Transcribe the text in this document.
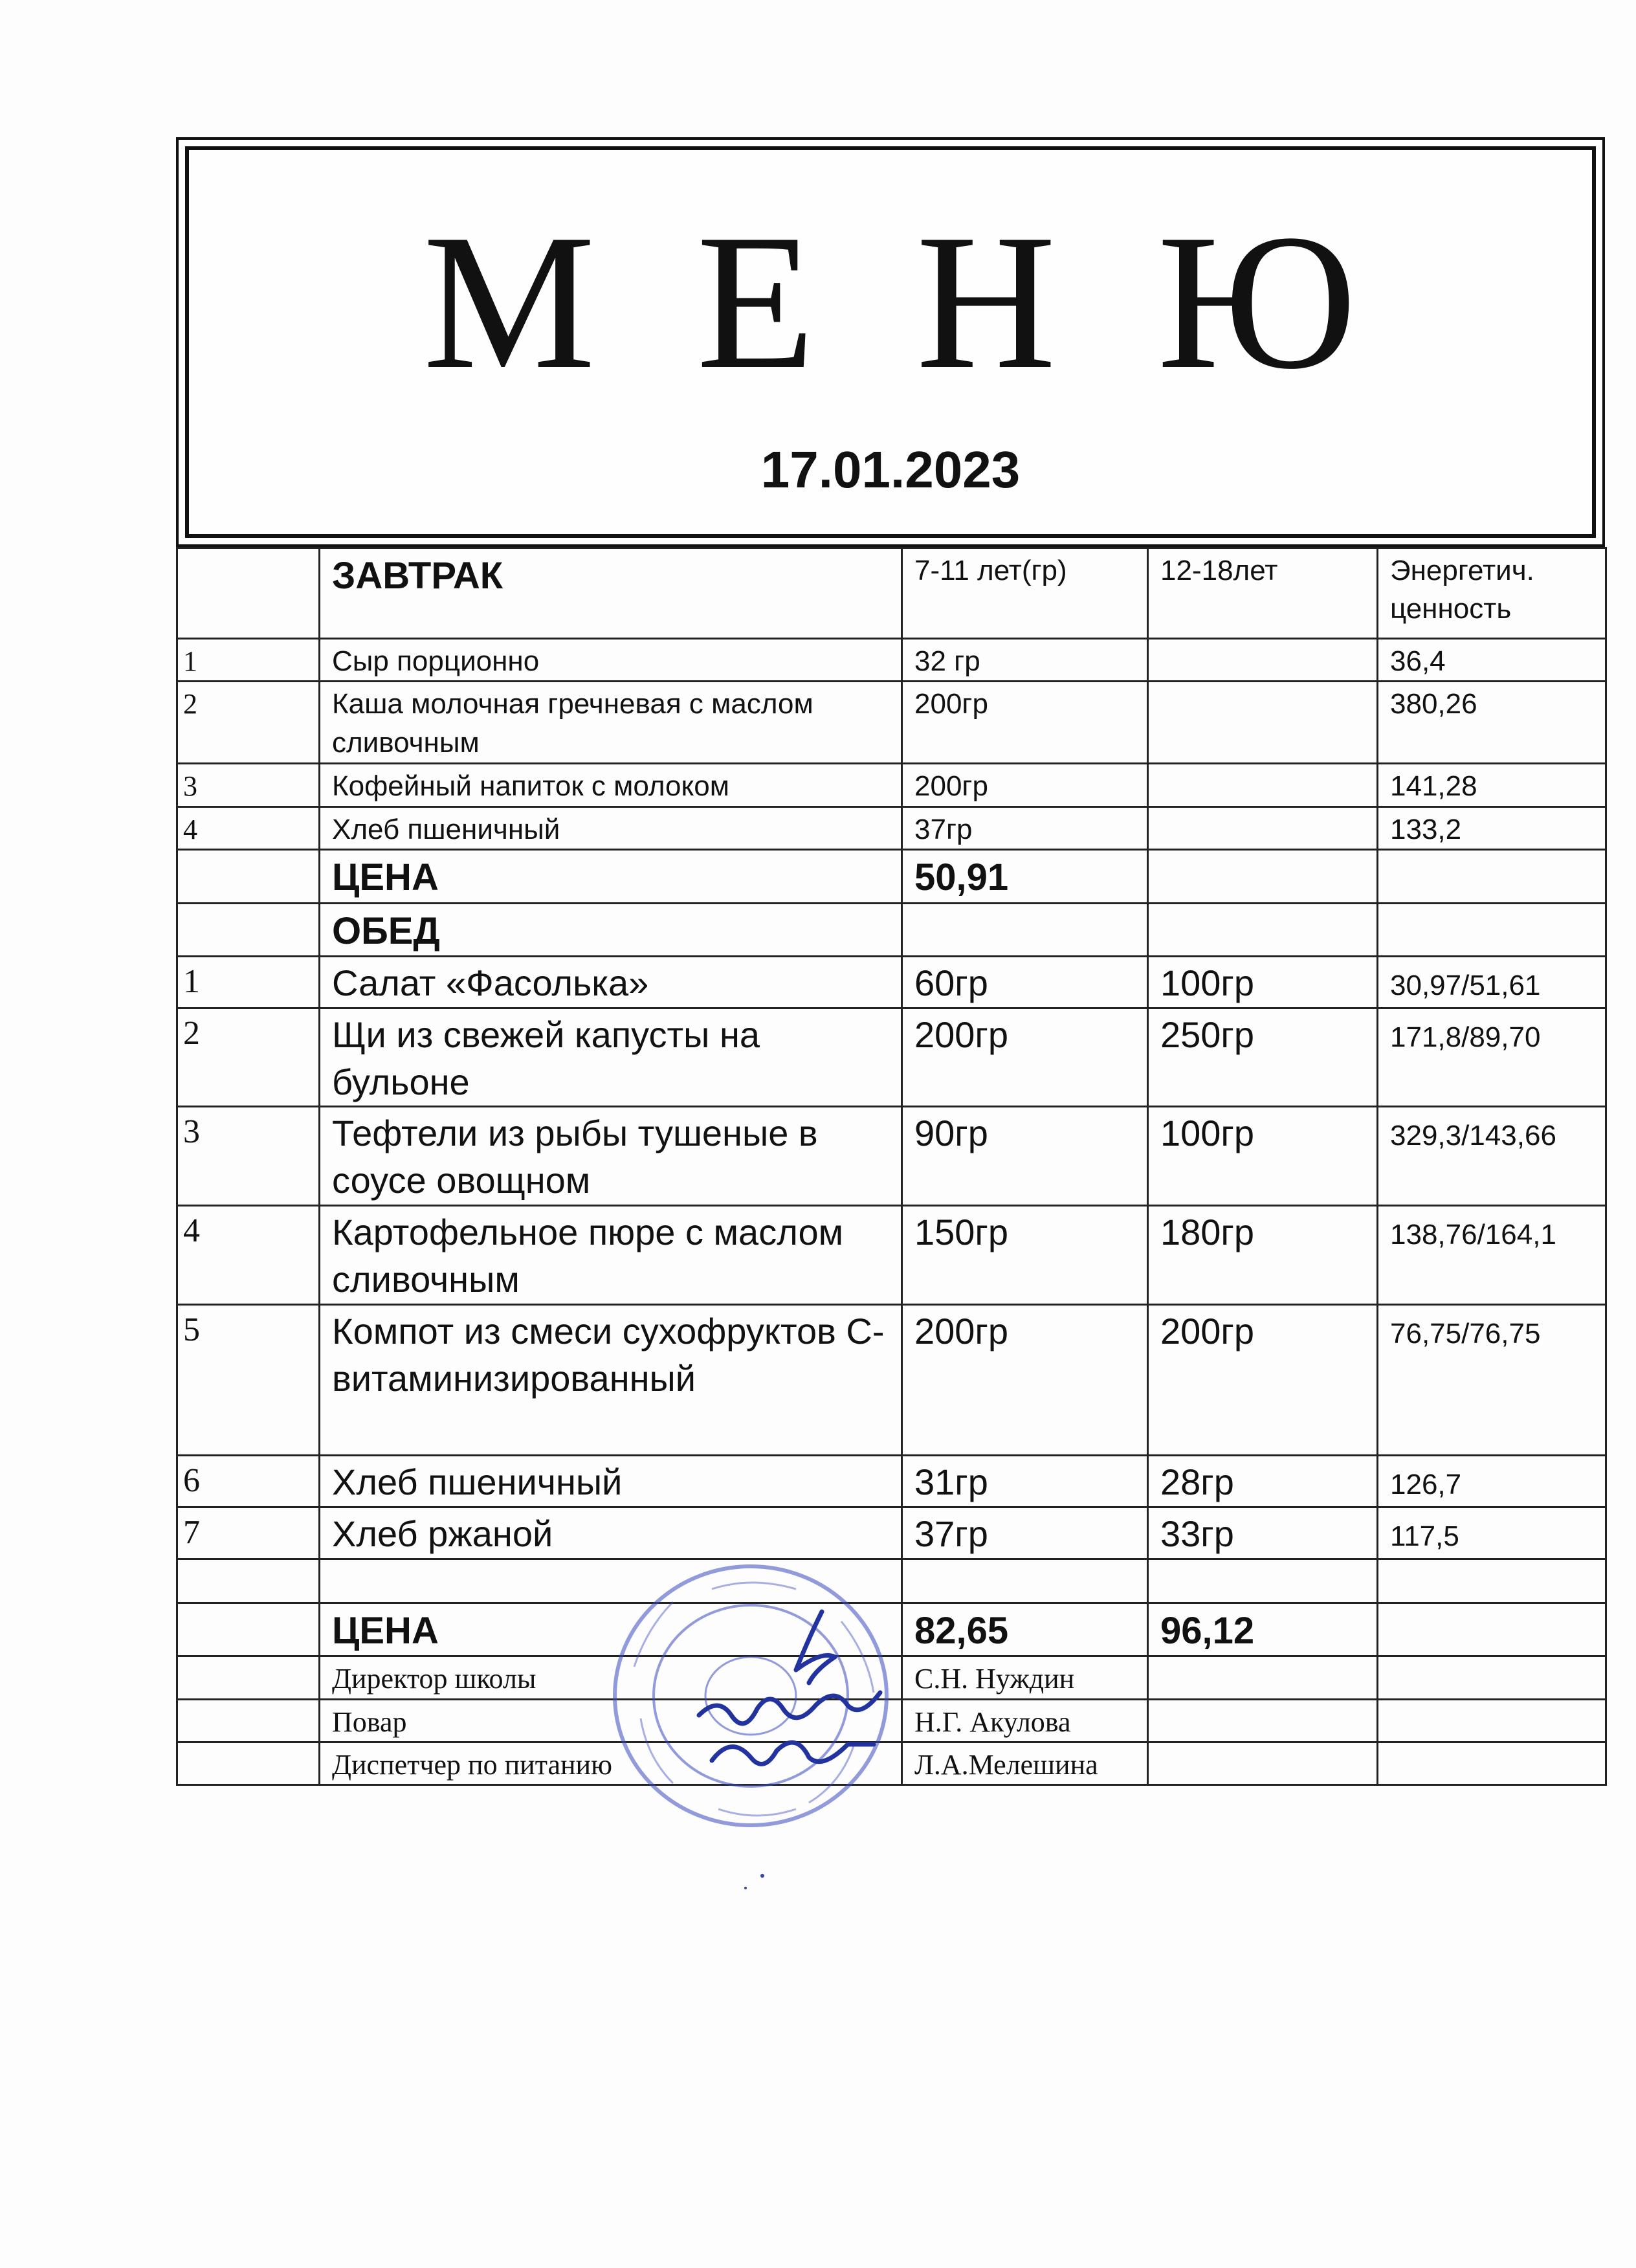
М  Е  Н  Ю
17.01.2023
	ЗАВТРАК	7-11 лет(гр)	12-18лет	Энергетич. ценность
1	Сыр порционно	32 гр		36,4
2	Каша молочная гречневая с маслом сливочным	200гр		380,26
3	Кофейный напиток с молоком	200гр		141,28
4	Хлеб пшеничный	37гр		133,2
	ЦЕНА	50,91		
	ОБЕД			
1	Салат «Фасолька»	60гр	100гр	30,97/51,61
2	Щи из свежей капусты на бульоне	200гр	250гр	171,8/89,70
3	Тефтели из рыбы тушеные в соусе овощном	90гр	100гр	329,3/143,66
4	Картофельное пюре с маслом сливочным	150гр	180гр	138,76/164,1
5	Компот из смеси сухофруктов С-витаминизированный	200гр	200гр	76,75/76,75
6	Хлеб пшеничный	31гр	28гр	126,7
7	Хлеб ржаной	37гр	33гр	117,5

	ЦЕНА	82,65	96,12	
	Директор школы	С.Н. Нуждин		
	Повар	Н.Г. Акулова		
	Диспетчер по питанию	Л.А.Мелешина		
